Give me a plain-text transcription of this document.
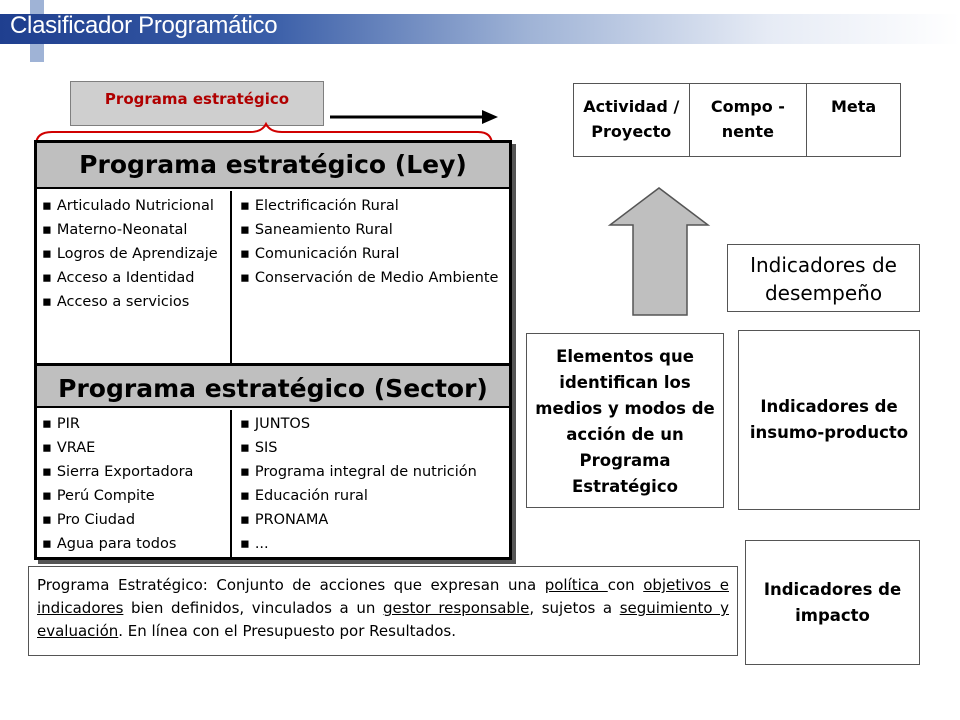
Clasificador Programático
Programa estratégico
Programa estratégico (Ley)
▪ Articulado Nutricional
▪ Materno-Neonatal
▪ Logros de Aprendizaje
▪ Acceso a Identidad
▪ Acceso a servicios
▪ Electrificación Rural
▪ Saneamiento Rural
▪ Comunicación Rural
▪ Conservación de Medio Ambiente
Programa estratégico (Sector)
▪ PIR
▪ VRAE
▪ Sierra Exportadora
▪ Perú Compite
▪ Pro Ciudad
▪ Agua para todos
▪ JUNTOS
▪ SIS
▪ Programa integral de nutrición
▪ Educación rural
▪ PRONAMA
▪ ...
Actividad / Proyecto
Compo - nente
Meta
Indicadores de desempeño
Elementos que identifican los medios y modos de acción de un Programa Estratégico
Indicadores de insumo-producto
Indicadores de impacto
Programa Estratégico: Conjunto de acciones que expresan una política con objetivos e indicadores bien definidos, vinculados a un gestor responsable, sujetos a seguimiento y evaluación. En línea con el Presupuesto por Resultados.
